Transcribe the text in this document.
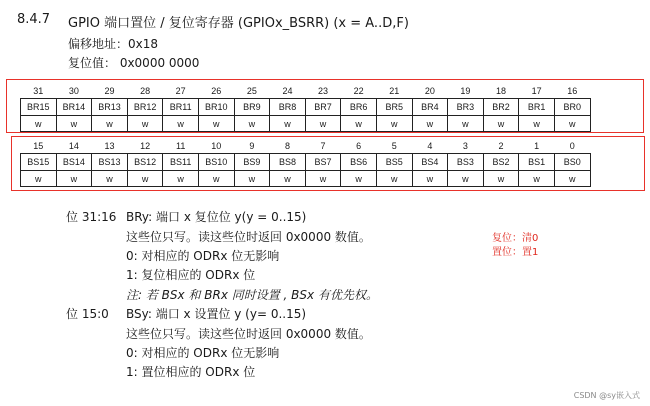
8.4.7 GPIO 端口置位 / 复位寄存器 (GPIOx_BSRR) (x = A..D,F)
偏移地址：0x18
复位值： 0x0000 0000
31	30	29	28	27	26	25	24	23	22	21	20	19	18	17	16
BR15	BR14	BR13	BR12	BR11	BR10	BR9	BR8	BR7	BR6	BR5	BR4	BR3	BR2	BR1	BR0
w	w	w	w	w	w	w	w	w	w	w	w	w	w	w	w
15	14	13	12	11	10	9	8	7	6	5	4	3	2	1	0
BS15	BS14	BS13	BS12	BS11	BS10	BS9	BS8	BS7	BS6	BS5	BS4	BS3	BS2	BS1	BS0
w	w	w	w	w	w	w	w	w	w	w	w	w	w	w	w
位 31:16 BRy: 端口 x 复位位 y(y = 0..15)
这些位只写。读这些位时返回 0x0000 数值。
0: 对相应的 ODRx 位无影响
1: 复位相应的 ODRx 位
注: 若 BSx 和 BRx 同时设置 , BSx 有优先权。
位 15:0 BSy: 端口 x 设置位 y (y= 0..15)
这些位只写。读这些位时返回 0x0000 数值。
0: 对相应的 ODRx 位无影响
1: 置位相应的 ODRx 位
复位：清0
置位：置1
CSDN @sy嵌入式
